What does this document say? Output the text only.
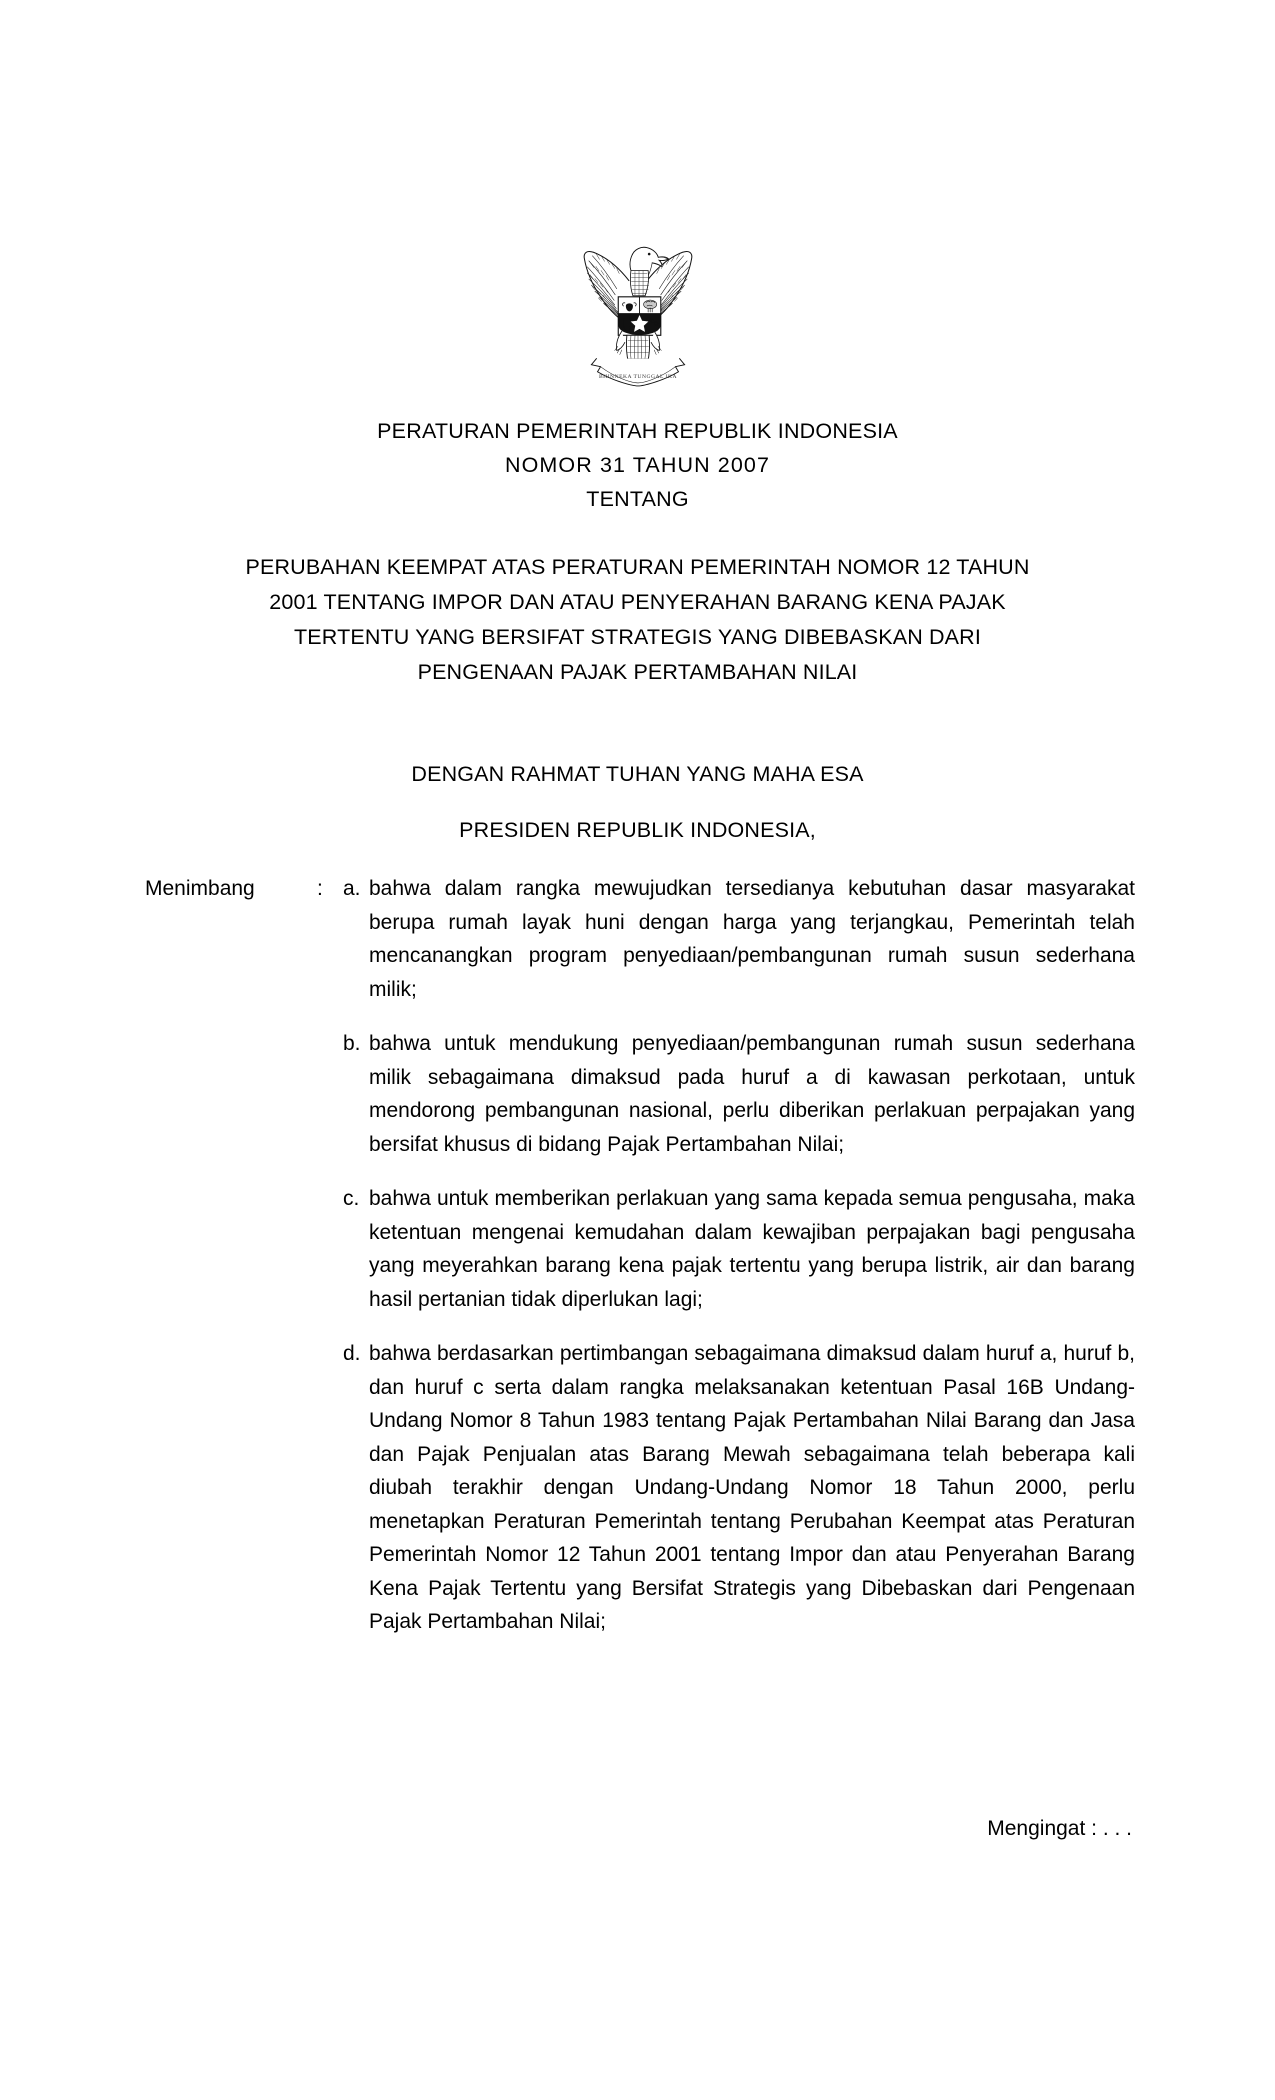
BHINNEKA TUNGGAL IKA
PERATURAN PEMERINTAH REPUBLIK INDONESIA
NOMOR 31 TAHUN 2007
TENTANG
PERUBAHAN KEEMPAT ATAS PERATURAN PEMERINTAH NOMOR 12 TAHUN
2001 TENTANG IMPOR DAN ATAU PENYERAHAN BARANG KENA PAJAK
TERTENTU YANG BERSIFAT STRATEGIS YANG DIBEBASKAN DARI
PENGENAAN PAJAK PERTAMBAHAN NILAI
DENGAN RAHMAT TUHAN YANG MAHA ESA
PRESIDEN REPUBLIK INDONESIA,
Menimbang	: a. bahwa dalam rangka mewujudkan tersedianya kebutuhan dasar masyarakat berupa rumah layak huni dengan harga yang terjangkau, Pemerintah telah mencanangkan program penyediaan/pembangunan rumah susun sederhana milik;
b. bahwa untuk mendukung penyediaan/pembangunan rumah susun sederhana milik sebagaimana dimaksud pada huruf a di kawasan perkotaan, untuk mendorong pembangunan nasional, perlu diberikan perlakuan perpajakan yang bersifat khusus di bidang Pajak Pertambahan Nilai;
c. bahwa untuk memberikan perlakuan yang sama kepada semua pengusaha, maka ketentuan mengenai kemudahan dalam kewajiban perpajakan bagi pengusaha yang meyerahkan barang kena pajak tertentu yang berupa listrik, air dan barang hasil pertanian tidak diperlukan lagi;
d. bahwa berdasarkan pertimbangan sebagaimana dimaksud dalam huruf a, huruf b, dan huruf c serta dalam rangka melaksanakan ketentuan Pasal 16B Undang-Undang Nomor 8 Tahun 1983 tentang Pajak Pertambahan Nilai Barang dan Jasa dan Pajak Penjualan atas Barang Mewah sebagaimana telah beberapa kali diubah terakhir dengan Undang-Undang Nomor 18 Tahun 2000, perlu menetapkan Peraturan Pemerintah tentang Perubahan Keempat atas Peraturan Pemerintah Nomor 12 Tahun 2001 tentang Impor dan atau Penyerahan Barang Kena Pajak Tertentu yang Bersifat Strategis yang Dibebaskan dari Pengenaan Pajak Pertambahan Nilai;
Mengingat : . . .
